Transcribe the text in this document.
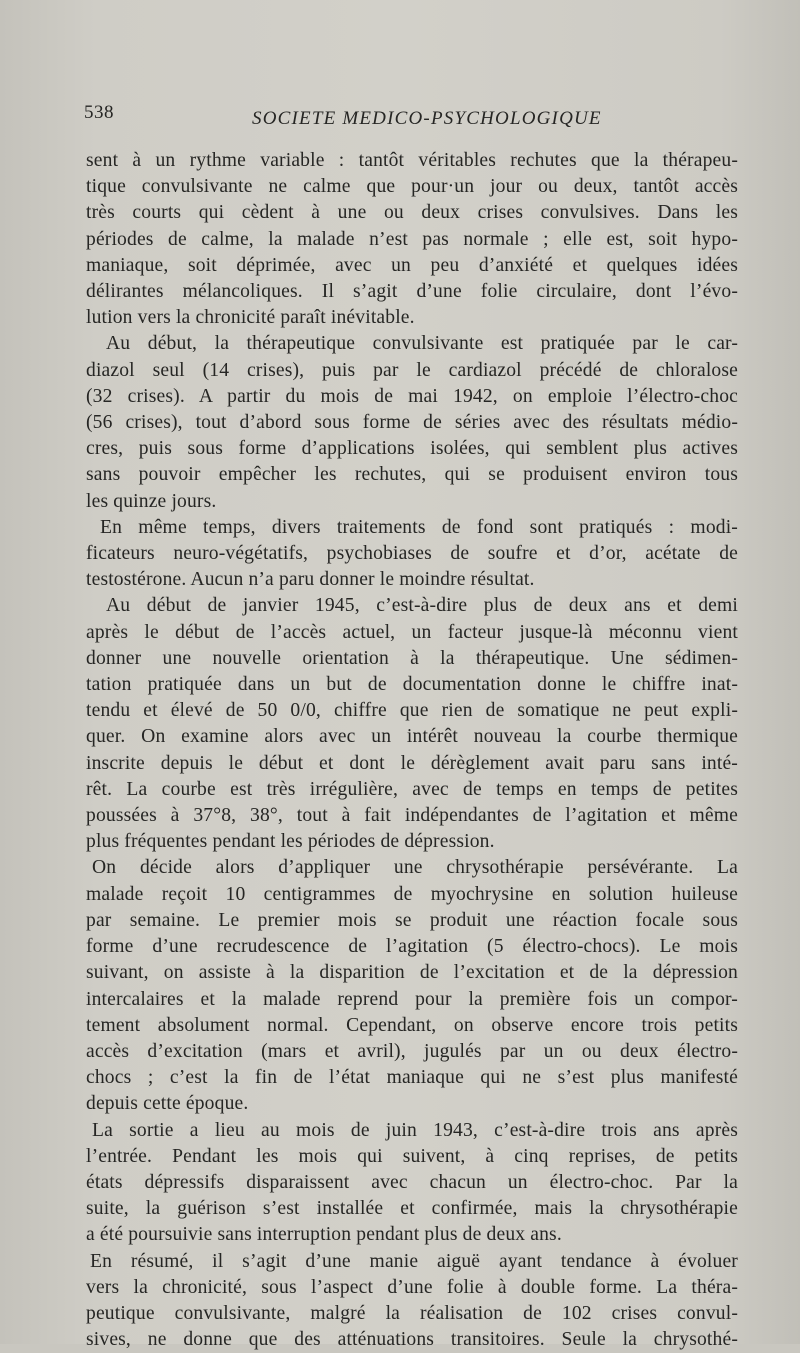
538	SOCIETE MEDICO-PSYCHOLOGIQUE
sent à un rythme variable : tantôt véritables rechutes que la thérapeu-
tique convulsivante ne calme que pour·un jour ou deux, tantôt accès
très courts qui cèdent à une ou deux crises convulsives. Dans les
périodes de calme, la malade n’est pas normale ; elle est, soit hypo-
maniaque, soit déprimée, avec un peu d’anxiété et quelques idées
délirantes mélancoliques. Il s’agit d’une folie circulaire, dont l’évo-
lution vers la chronicité paraît inévitable.
Au début, la thérapeutique convulsivante est pratiquée par le car-
diazol seul (14 crises), puis par le cardiazol précédé de chloralose
(32 crises). A partir du mois de mai 1942, on emploie l’électro-choc
(56 crises), tout d’abord sous forme de séries avec des résultats médio-
cres, puis sous forme d’applications isolées, qui semblent plus actives
sans pouvoir empêcher les rechutes, qui se produisent environ tous
les quinze jours.
En même temps, divers traitements de fond sont pratiqués : modi-
ficateurs neuro-végétatifs, psychobiases de soufre et d’or, acétate de
testostérone. Aucun n’a paru donner le moindre résultat.
Au début de janvier 1945, c’est-à-dire plus de deux ans et demi
après le début de l’accès actuel, un facteur jusque-là méconnu vient
donner une nouvelle orientation à la thérapeutique. Une sédimen-
tation pratiquée dans un but de documentation donne le chiffre inat-
tendu et élevé de 50 0/0, chiffre que rien de somatique ne peut expli-
quer. On examine alors avec un intérêt nouveau la courbe thermique
inscrite depuis le début et dont le dérèglement avait paru sans inté-
rêt. La courbe est très irrégulière, avec de temps en temps de petites
poussées à 37°8, 38°, tout à fait indépendantes de l’agitation et même
plus fréquentes pendant les périodes de dépression.
On décide alors d’appliquer une chrysothérapie persévérante. La
malade reçoit 10 centigrammes de myochrysine en solution huileuse
par semaine. Le premier mois se produit une réaction focale sous
forme d’une recrudescence de l’agitation (5 électro-chocs). Le mois
suivant, on assiste à la disparition de l’excitation et de la dépression
intercalaires et la malade reprend pour la première fois un compor-
tement absolument normal. Cependant, on observe encore trois petits
accès d’excitation (mars et avril), jugulés par un ou deux électro-
chocs ; c’est la fin de l’état maniaque qui ne s’est plus manifesté
depuis cette époque.
La sortie a lieu au mois de juin 1943, c’est-à-dire trois ans après
l’entrée. Pendant les mois qui suivent, à cinq reprises, de petits
états dépressifs disparaissent avec chacun un électro-choc. Par la
suite, la guérison s’est installée et confirmée, mais la chrysothérapie
a été poursuivie sans interruption pendant plus de deux ans.
En résumé, il s’agit d’une manie aiguë ayant tendance à évoluer
vers la chronicité, sous l’aspect d’une folie à double forme. La théra-
peutique convulsivante, malgré la réalisation de 102 crises convul-
sives, ne donne que des atténuations transitoires. Seule la chrysothé-
